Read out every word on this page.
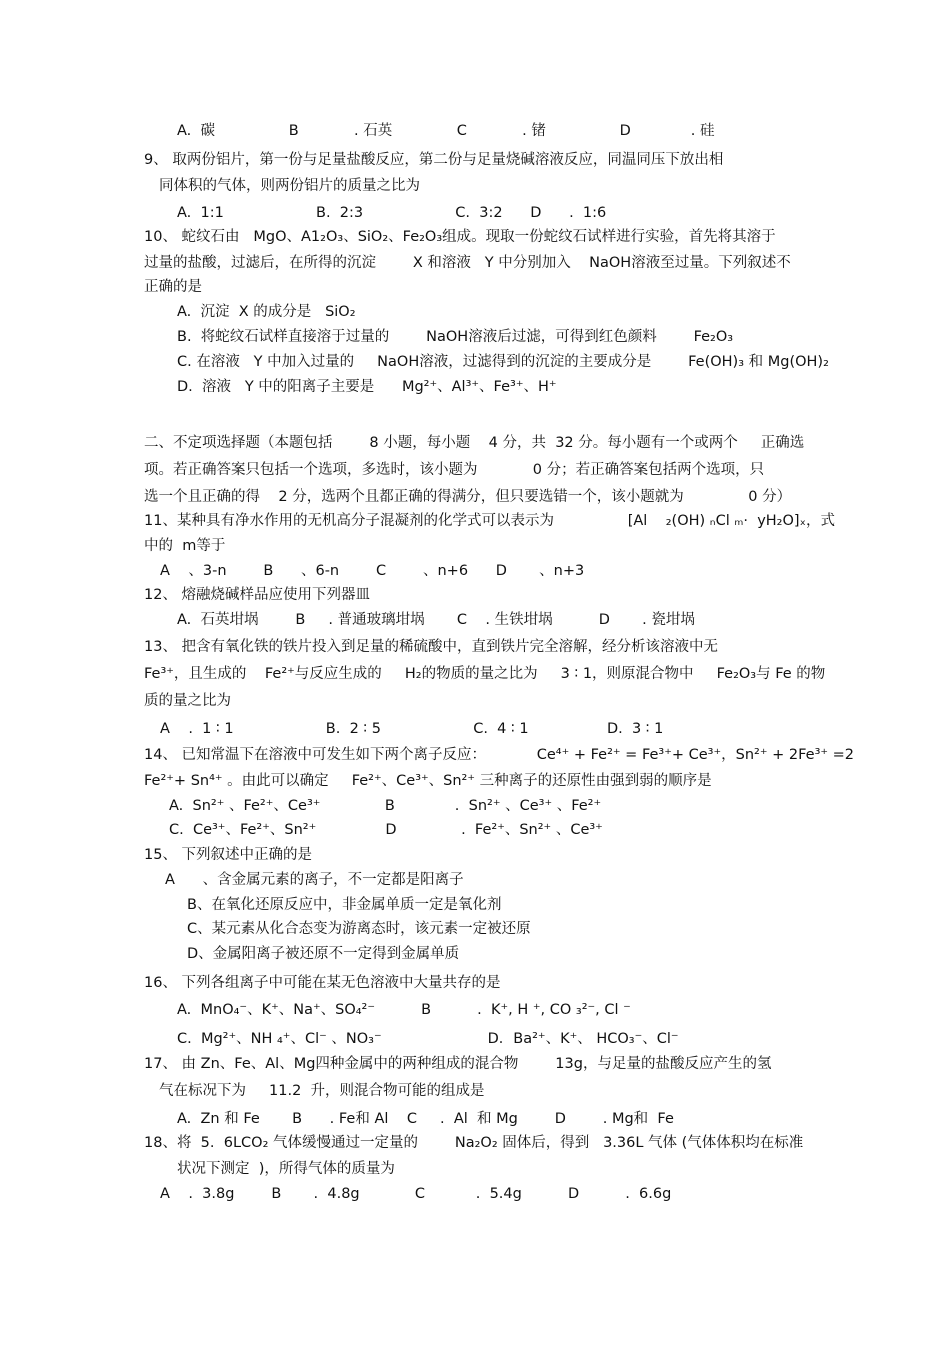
A.  碳                B            . 石英              C            . 锗                D             . 硅
9、 取两份铝片，第一份与足量盐酸反应，第二份与足量烧碱溶液反应，同温同压下放出相
同体积的气体，则两份铝片的质量之比为
A.  1:1                    B.  2:3                    C.  3:2      D      .  1:6
10、 蛇纹石由   MgO、A1₂O₃、SiO₂、Fe₂O₃组成。现取一份蛇纹石试样进行实验，首先将其溶于
过量的盐酸，过滤后，在所得的沉淀        X 和溶液   Y 中分别加入    NaOH溶液至过量。下列叙述不
正确的是
A.  沉淀  X 的成分是   SiO₂
B.  将蛇纹石试样直接溶于过量的        NaOH溶液后过滤，可得到红色颜料        Fe₂O₃
C. 在溶液   Y 中加入过量的     NaOH溶液，过滤得到的沉淀的主要成分是        Fe(OH)₃ 和 Mg(OH)₂
D.  溶液   Y 中的阳离子主要是      Mg²⁺、Al³⁺、Fe³⁺、H⁺
二、不定项选择题（本题包括        8 小题，每小题    4 分，共  32 分。每小题有一个或两个     正确选
项。若正确答案只包括一个选项，多选时，该小题为            0 分；若正确答案包括两个选项，只
选一个且正确的得    2 分，选两个且都正确的得满分，但只要选错一个，该小题就为              0 分）
11、某种具有净水作用的无机高分子混凝剂的化学式可以表示为                [Al    ₂(OH) ₙCl ₘ·  yH₂O]ₓ，式
中的  m等于
A    、3-n        B      、6-n        C        、n+6      D       、n+3
12、 熔融烧碱样品应使用下列器皿
A.  石英坩埚        B     . 普通玻璃坩埚       C    . 生铁坩埚          D       . 瓷坩埚
13、 把含有氧化铁的铁片投入到足量的稀硫酸中，直到铁片完全溶解，经分析该溶液中无
Fe³⁺，且生成的    Fe²⁺与反应生成的     H₂的物质的量之比为     3 ∶ 1，则原混合物中     Fe₂O₃与 Fe 的物
质的量之比为
A    .  1 ∶ 1                    B.  2 ∶ 5                    C.  4 ∶ 1                 D.  3 ∶ 1
14、 已知常温下在溶液中可发生如下两个离子反应：           Ce⁴⁺ + Fe²⁺ = Fe³⁺+ Ce³⁺，Sn²⁺ + 2Fe³⁺ =2
Fe²⁺+ Sn⁴⁺ 。由此可以确定     Fe²⁺、Ce³⁺、Sn²⁺ 三种离子的还原性由强到弱的顺序是
A.  Sn²⁺ 、Fe²⁺、Ce³⁺              B             .  Sn²⁺ 、Ce³⁺ 、Fe²⁺
C.  Ce³⁺、Fe²⁺、Sn²⁺               D              .  Fe²⁺、Sn²⁺ 、Ce³⁺
15、 下列叙述中正确的是
A      、含金属元素的离子，不一定都是阳离子
B、在氧化还原反应中，非金属单质一定是氧化剂
C、某元素从化合态变为游离态时，该元素一定被还原
D、金属阳离子被还原不一定得到金属单质
16、 下列各组离子中可能在某无色溶液中大量共存的是
A.  MnO₄⁻、K⁺、Na⁺、SO₄²⁻          B          .  K⁺, H ⁺, CO ₃²⁻, Cl ⁻
C.  Mg²⁺、NH ₄⁺、Cl⁻ 、NO₃⁻                       D．Ba²⁺、K⁺、 HCO₃⁻、Cl⁻
17、 由 Zn、Fe、Al、Mg四种金属中的两种组成的混合物        13g，与足量的盐酸反应产生的氢
气在标况下为     11.2  升，则混合物可能的组成是
A.  Zn 和 Fe       B      . Fe和 Al    C     .  Al  和 Mg        D        . Mg和  Fe
18、将  5.  6LCO₂ 气体缓慢通过一定量的        Na₂O₂ 固体后，得到   3.36L 气体 (气体体积均在标准
状况下测定  )，所得气体的质量为
A    .  3.8g        B       .  4.8g            C           .  5.4g          D          .  6.6g
